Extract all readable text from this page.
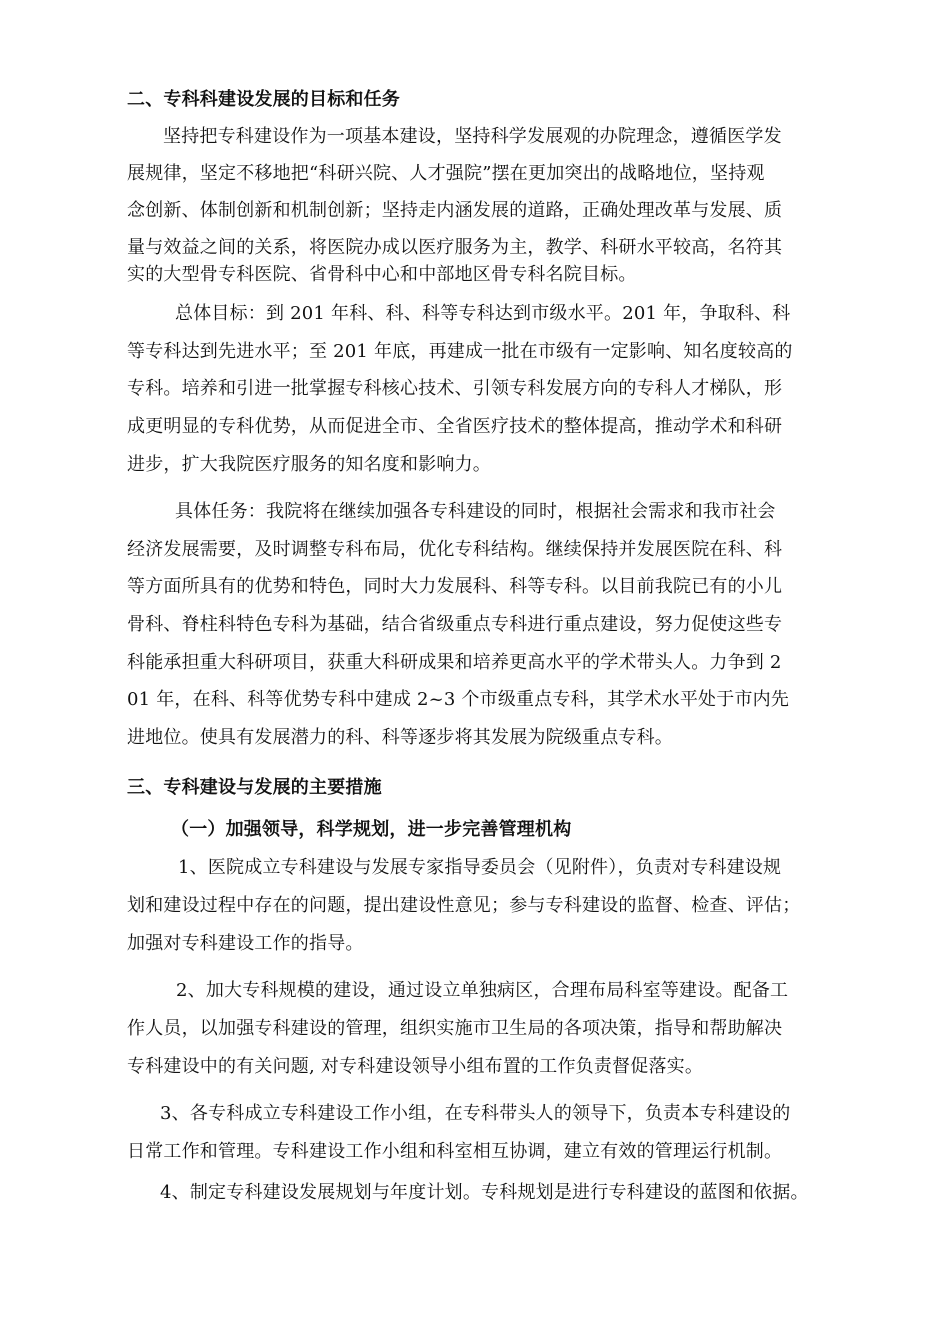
二、专科科建设发展的目标和任务
坚持把专科建设作为一项基本建设，坚持科学发展观的办院理念，遵循医学发
展规律，坚定不移地把“科研兴院、人才强院”摆在更加突出的战略地位，坚持观
念创新、体制创新和机制创新；坚持走内涵发展的道路，正确处理改革与发展、质
量与效益之间的关系，将医院办成以医疗服务为主，教学、科研水平较高，名符其
实的大型骨专科医院、省骨科中心和中部地区骨专科名院目标。
总体目标：到 201 年科、科、科等专科达到市级水平。201 年，争取科、科
等专科达到先进水平；至 201 年底，再建成一批在市级有一定影响、知名度较高的
专科。培养和引进一批掌握专科核心技术、引领专科发展方向的专科人才梯队，形
成更明显的专科优势，从而促进全市、全省医疗技术的整体提高，推动学术和科研
进步，扩大我院医疗服务的知名度和影响力。
具体任务：我院将在继续加强各专科建设的同时，根据社会需求和我市社会
经济发展需要，及时调整专科布局，优化专科结构。继续保持并发展医院在科、科
等方面所具有的优势和特色，同时大力发展科、科等专科。以目前我院已有的小儿
骨科、脊柱科特色专科为基础，结合省级重点专科进行重点建设，努力促使这些专
科能承担重大科研项目，获重大科研成果和培养更高水平的学术带头人。力争到 2
01 年，在科、科等优势专科中建成 2~3 个市级重点专科，其学术水平处于市内先
进地位。使具有发展潜力的科、科等逐步将其发展为院级重点专科。
三、专科建设与发展的主要措施
（一）加强领导，科学规划，进一步完善管理机构
1、医院成立专科建设与发展专家指导委员会（见附件），负责对专科建设规
划和建设过程中存在的问题，提出建设性意见；参与专科建设的监督、检查、评估；
加强对专科建设工作的指导。
2、加大专科规模的建设，通过设立单独病区，合理布局科室等建设。配备工
作人员，以加强专科建设的管理，组织实施市卫生局的各项决策，指导和帮助解决
专科建设中的有关问题, 对专科建设领导小组布置的工作负责督促落实。
3、各专科成立专科建设工作小组，在专科带头人的领导下，负责本专科建设的
日常工作和管理。专科建设工作小组和科室相互协调，建立有效的管理运行机制。
4、制定专科建设发展规划与年度计划。专科规划是进行专科建设的蓝图和依据。
